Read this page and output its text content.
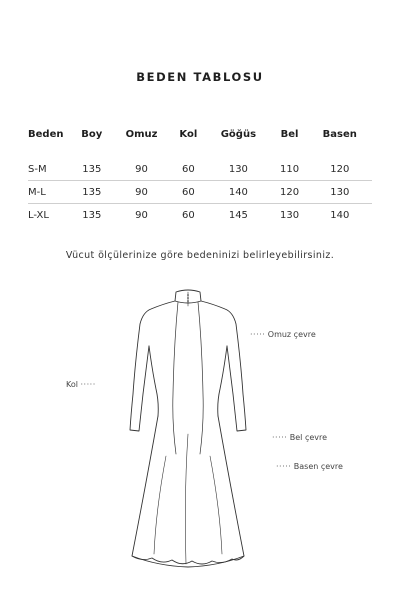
BEDEN TABLOSU
Beden	Boy	Omuz	Kol	Göğüs	Bel	Basen

S-M	135	90	60	130	110	120
M-L	135	90	60	140	120	130
L-XL	135	90	60	145	130	140
Vücut ölçülerinize göre bedeninizi belirleyebilirsiniz.
····· Omuz çevre
Kol ·····
····· Bel çevre
····· Basen çevre
